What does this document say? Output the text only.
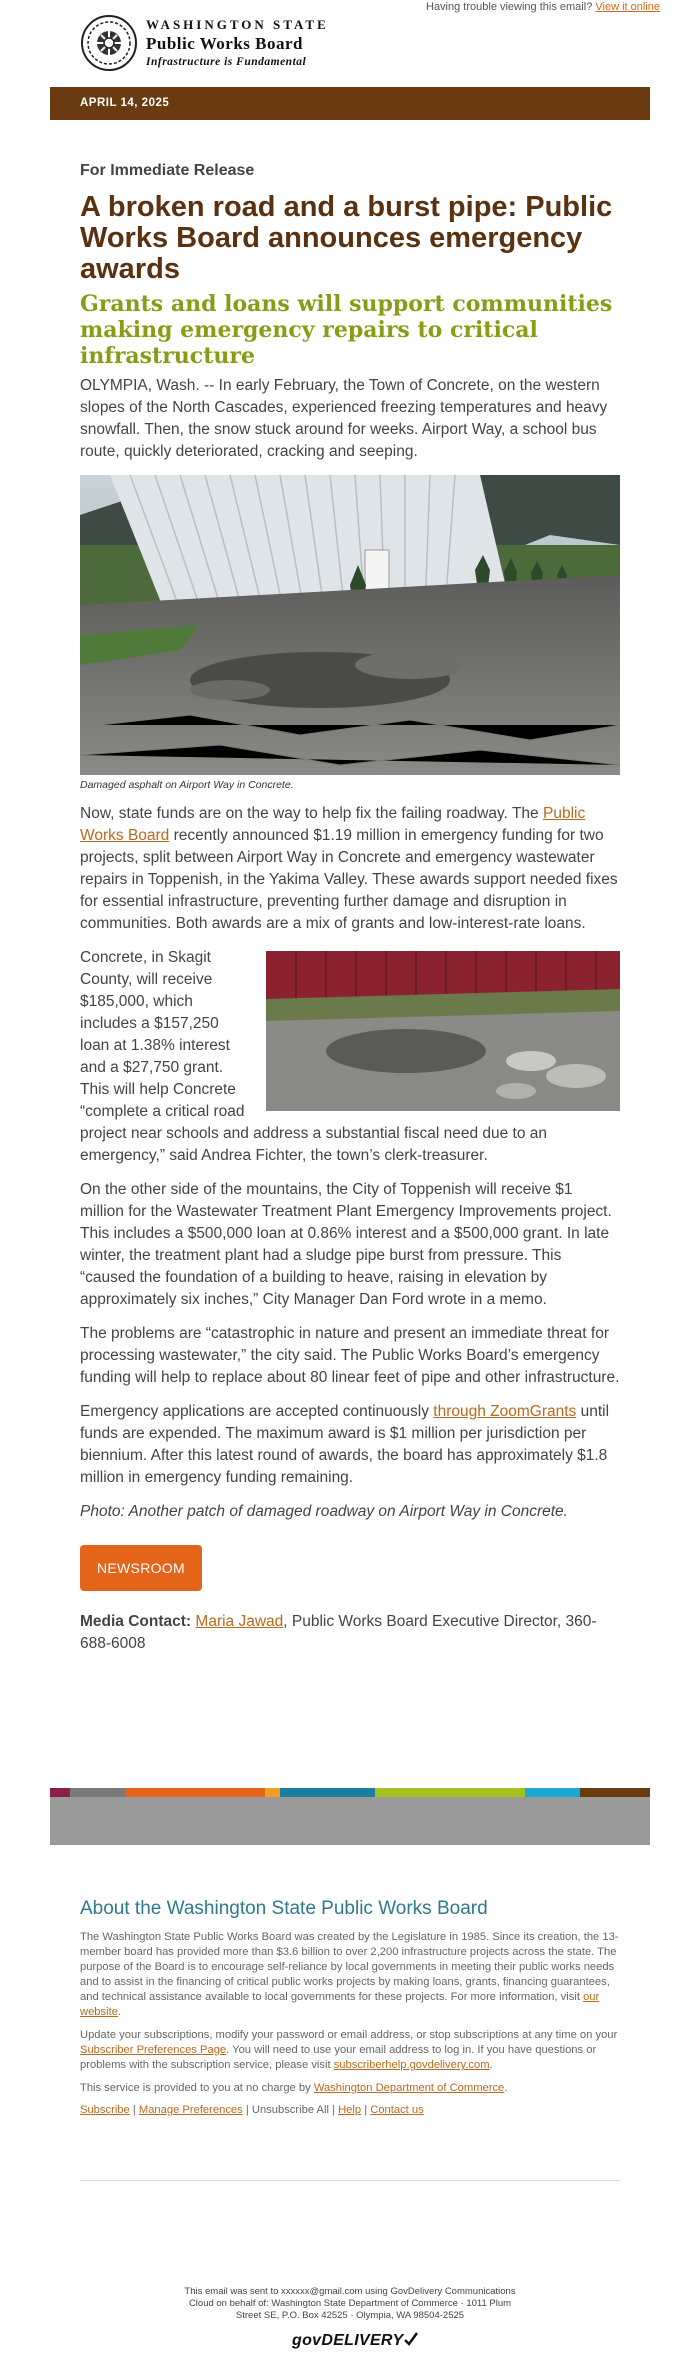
Having trouble viewing this email? View it online
WASHINGTON STATE
Public Works Board
Infrastructure is Fundamental
APRIL 14, 2025
For Immediate Release
A broken road and a burst pipe: Public Works Board announces emergency awards
Grants and loans will support communities making emergency repairs to critical infrastructure

OLYMPIA, Wash. -- In early February, the Town of Concrete, on the western slopes of the North Cascades, experienced freezing temperatures and heavy snowfall. Then, the snow stuck around for weeks. Airport Way, a school bus route, quickly deteriorated, cracking and seeping.

Damaged asphalt on Airport Way in Concrete.

Now, state funds are on the way to help fix the failing roadway. The Public Works Board recently announced $1.19 million in emergency funding for two projects, split between Airport Way in Concrete and emergency wastewater repairs in Toppenish, in the Yakima Valley. These awards support needed fixes for essential infrastructure, preventing further damage and disruption in communities. Both awards are a mix of grants and low-interest-rate loans.

Concrete, in Skagit County, will receive $185,000, which includes a $157,250 loan at 1.38% interest and a $27,750 grant. This will help Concrete “complete a critical road project near schools and address a substantial fiscal need due to an emergency,” said Andrea Fichter, the town’s clerk-treasurer.

On the other side of the mountains, the City of Toppenish will receive $1 million for the Wastewater Treatment Plant Emergency Improvements project. This includes a $500,000 loan at 0.86% interest and a $500,000 grant. In late winter, the treatment plant had a sludge pipe burst from pressure. This “caused the foundation of a building to heave, raising in elevation by approximately six inches,” City Manager Dan Ford wrote in a memo.

The problems are “catastrophic in nature and present an immediate threat for processing wastewater,” the city said. The Public Works Board’s emergency funding will help to replace about 80 linear feet of pipe and other infrastructure.

Emergency applications are accepted continuously through ZoomGrants until funds are expended. The maximum award is $1 million per jurisdiction per biennium. After this latest round of awards, the board has approximately $1.8 million in emergency funding remaining.

Photo: Another patch of damaged roadway on Airport Way in Concrete.

NEWSROOM
Media Contact: Maria Jawad, Public Works Board Executive Director, 360-688-6008
About the Washington State Public Works Board

The Washington State Public Works Board was created by the Legislature in 1985. Since its creation, the 13-member board has provided more than $3.6 billion to over 2,200 infrastructure projects across the state. The purpose of the Board is to encourage self-reliance by local governments in meeting their public works needs and to assist in the financing of critical public works projects by making loans, grants, financing guarantees, and technical assistance available to local governments for these projects. For more information, visit our website.

Update your subscriptions, modify your password or email address, or stop subscriptions at any time on your Subscriber Preferences Page. You will need to use your email address to log in. If you have questions or problems with the subscription service, please visit subscriberhelp.govdelivery.com.

This service is provided to you at no charge by Washington Department of Commerce.

Subscribe | Manage Preferences | Unsubscribe All | Help | Contact us
This email was sent to xxxxxx@gmail.com using GovDelivery Communications Cloud on behalf of: Washington State Department of Commerce · 1011 Plum Street SE, P.O. Box 42525 · Olympia, WA 98504-2525
govDELIVERY
